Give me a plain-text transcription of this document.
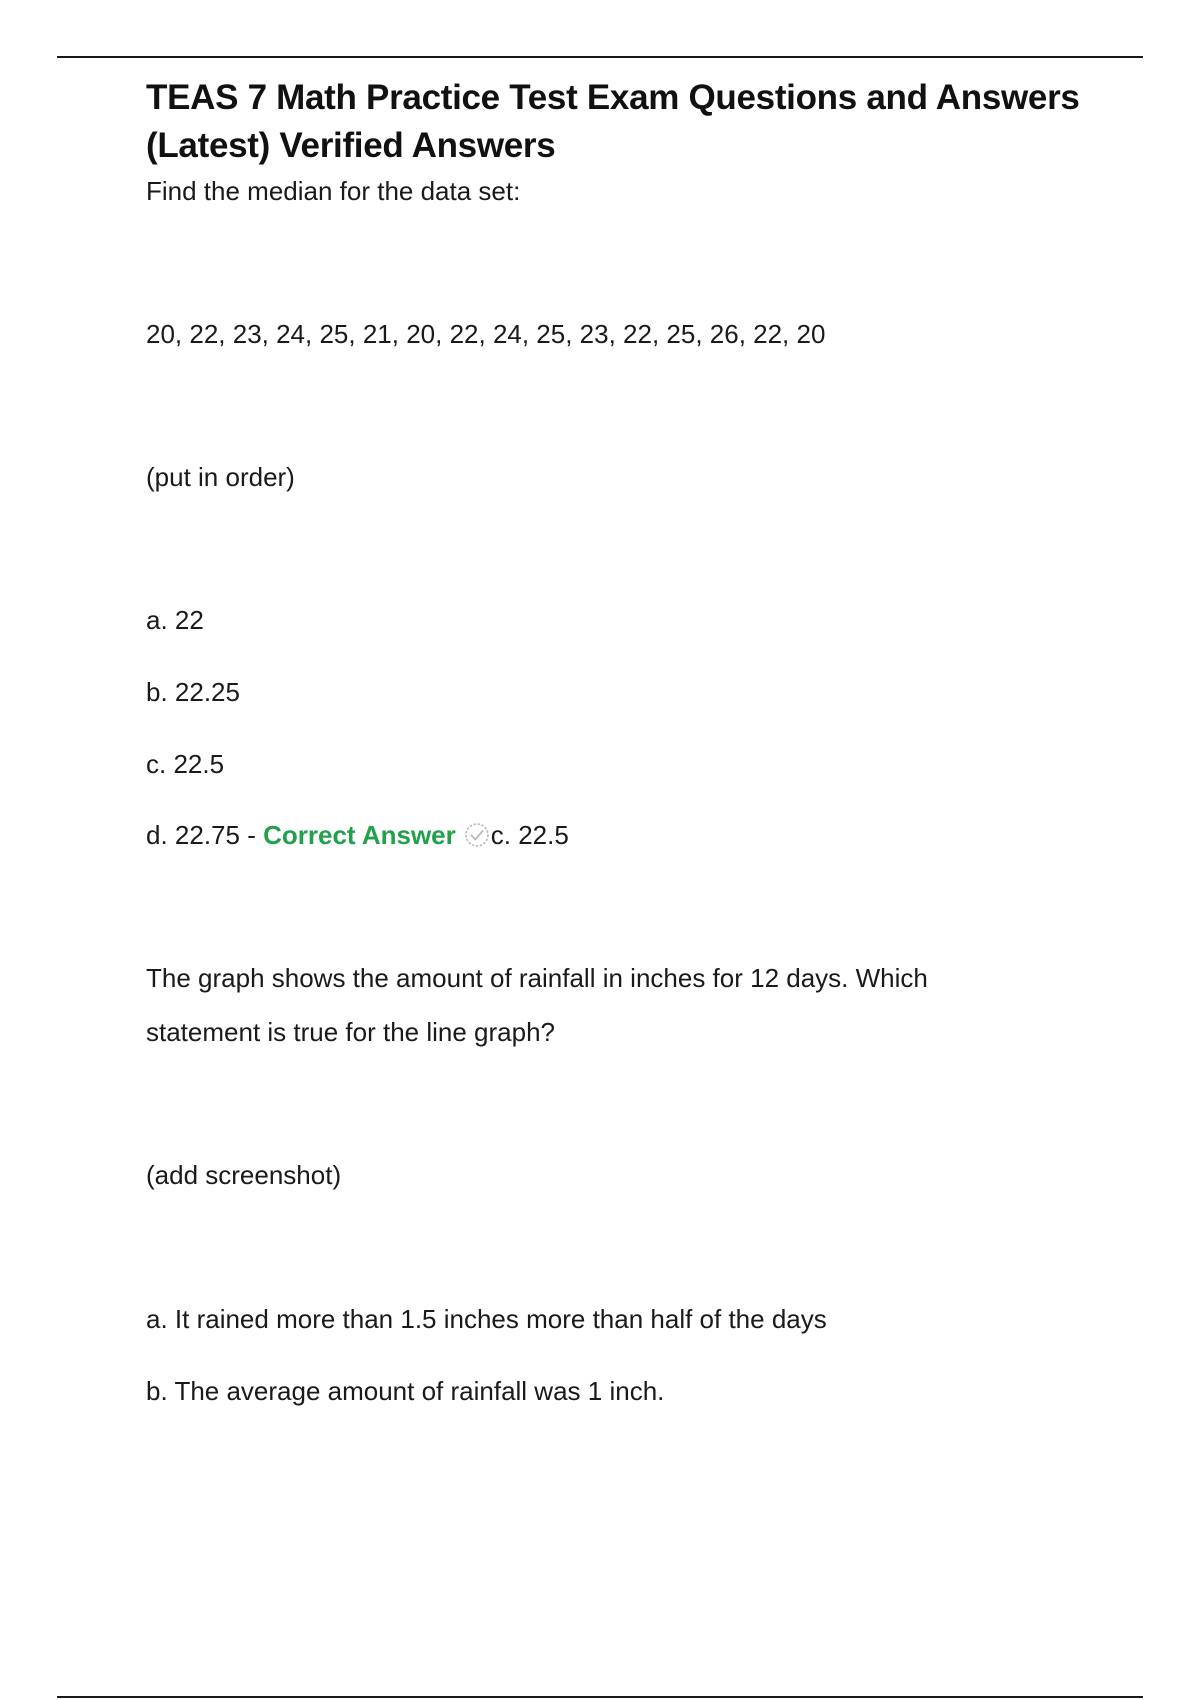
TEAS 7 Math Practice Test Exam Questions and Answers (Latest) Verified Answers

Find the median for the data set:

20, 22, 23, 24, 25, 21, 20, 22, 24, 25, 23, 22, 25, 26, 22, 20

(put in order)

a. 22

b. 22.25

c. 22.5

d. 22.75 - Correct Answer c. 22.5

The graph shows the amount of rainfall in inches for 12 days. Which

statement is true for the line graph?

(add screenshot)

a. It rained more than 1.5 inches more than half of the days

b. The average amount of rainfall was 1 inch.
